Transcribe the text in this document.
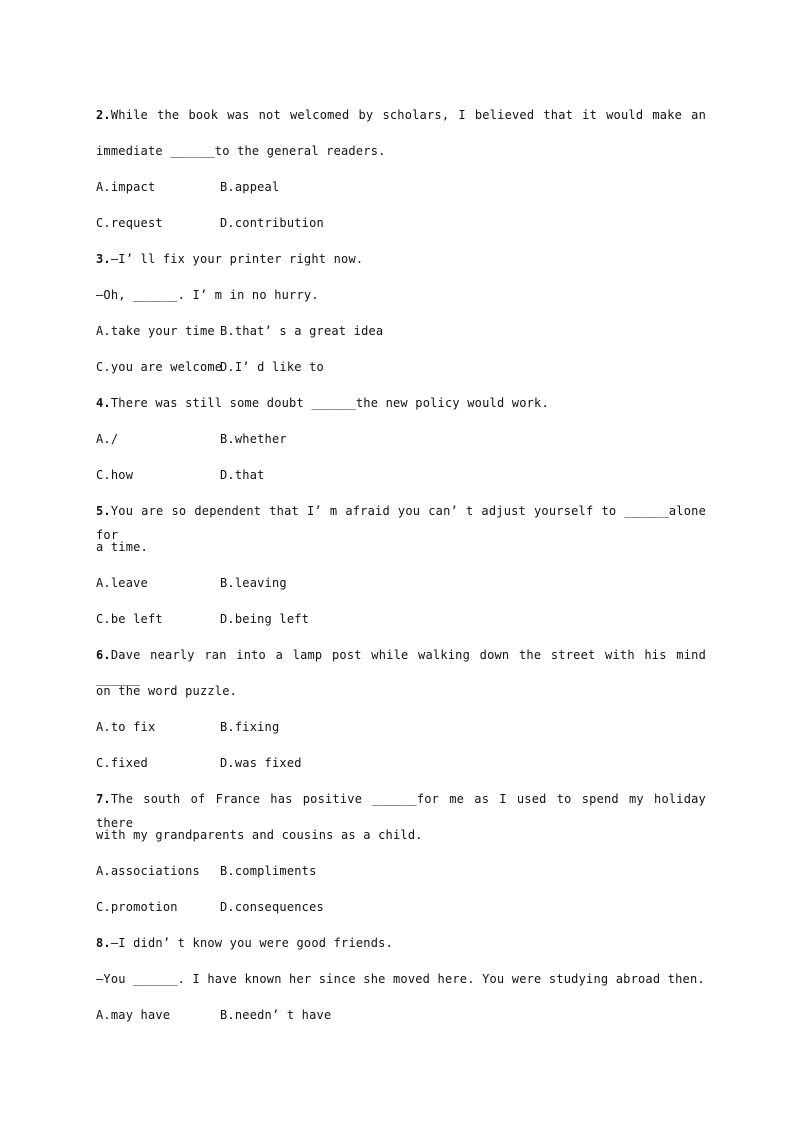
2.While the book was not welcomed by scholars, I believed that it would make an
immediate ______to the general readers.
A.impact	B.appeal
C.request	D.contribution
3.—I’ ll fix your printer right now.
—Oh, ______. I’ m in no hurry.
A.take your time B.that’ s a great idea
C.you are welcomeD.I’ d like to
4.There was still some doubt ______the new policy would work.
A./	B.whether
C.how	D.that
5.You are so dependent that I’ m afraid you can’ t adjust yourself to ______alone for
a time.
A.leave	B.leaving
C.be left	D.being left
6.Dave nearly ran into a lamp post while walking down the street with his mind ______
on the word puzzle.
A.to fix	B.fixing
C.fixed	D.was fixed
7.The south of France has positive ______for me as I used to spend my holiday there
with my grandparents and cousins as a child.
A.associations B.compliments
C.promotion	D.consequences
8.—I didn’ t know you were good friends.
—You ______. I have known her since she moved here. You were studying abroad then.
A.may have	B.needn’ t have
